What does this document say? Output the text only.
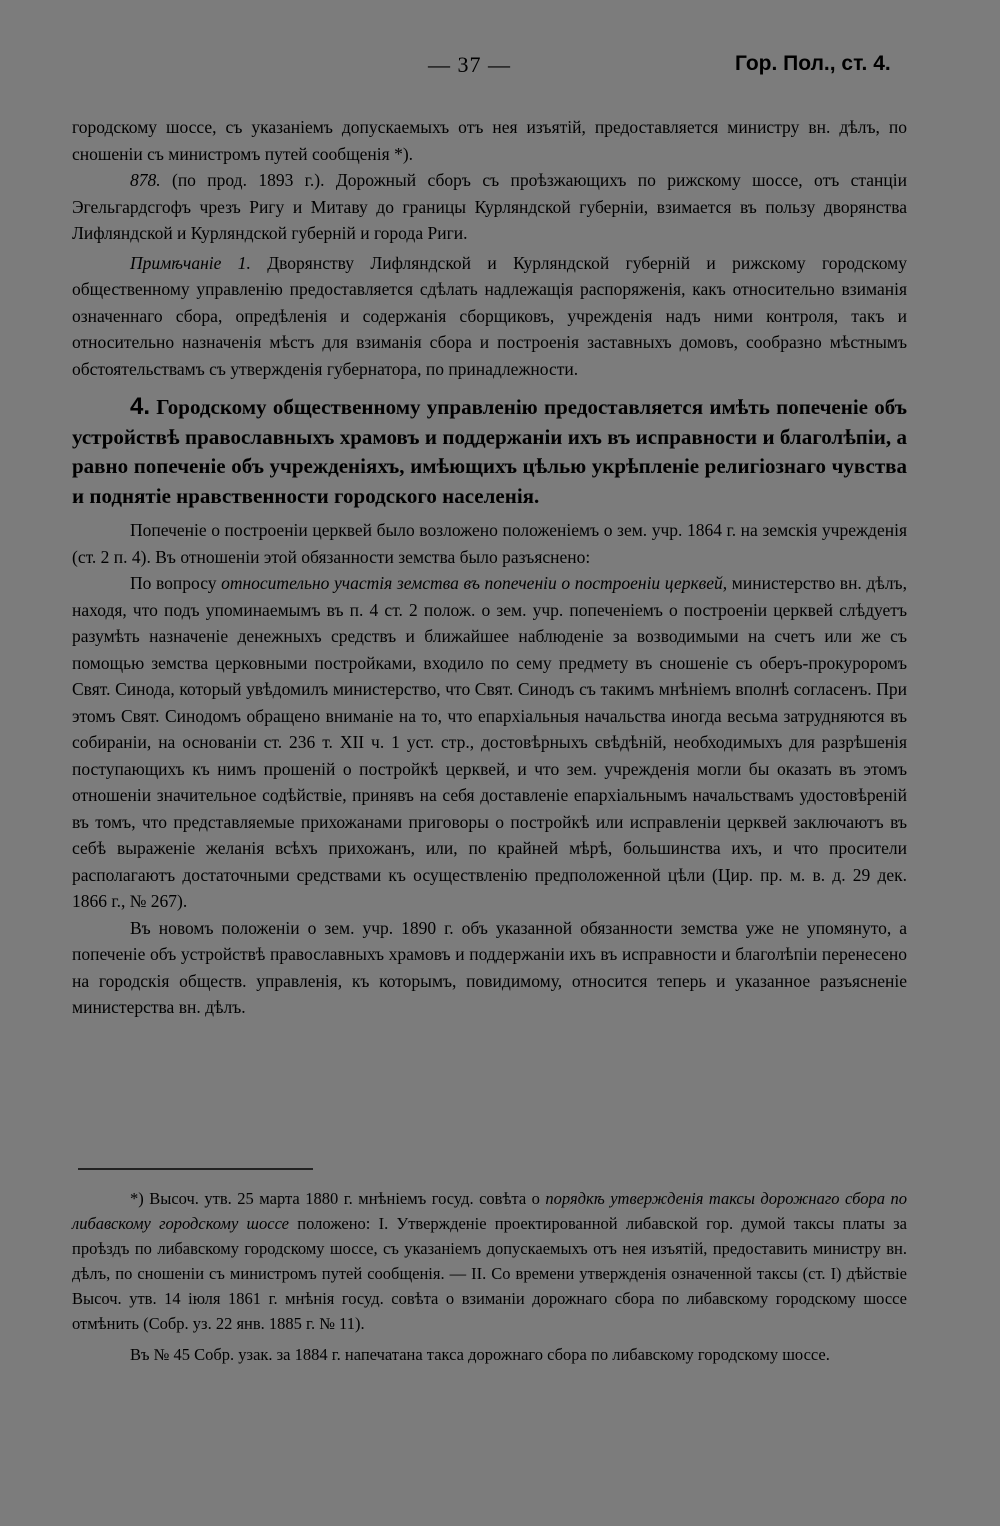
— 37 —	Гор. Пол., ст. 4.

городскому шоссе, съ указаніемъ допускаемыхъ отъ нея изъятій, предоставляется министру вн. дѣлъ, по сношеніи съ министромъ путей сообщенія *).

878. (по прод. 1893 г.). Дорожный сборъ съ проѣзжающихъ по рижскому шоссе, отъ станціи Эгельгардсгофъ чрезъ Ригу и Митаву до границы Курляндской губерніи, взимается въ пользу дворянства Лифляндской и Курляндской губерній и города Риги.

Примѣчаніе 1. Дворянству Лифляндской и Курляндской губерній и рижскому городскому общественному управленію предоставляется сдѣлать надлежащія распоряженія, какъ относительно взиманія означеннаго сбора, опредѣленія и содержанія сборщиковъ, учрежденія надъ ними контроля, такъ и относительно назначенія мѣстъ для взиманія сбора и построенія заставныхъ домовъ, сообразно мѣстнымъ обстоятельствамъ съ утвержденія губернатора, по принадлежности.

4. Городскому общественному управленію предоставляется имѣть попеченіе объ устройствѣ православныхъ храмовъ и поддержаніи ихъ въ исправности и благолѣпіи, а равно попеченіе объ учрежденіяхъ, имѣющихъ цѣлью укрѣпленіе религіознаго чувства и поднятіе нравственности городского населенія.

Попеченіе о построеніи церквей было возложено положеніемъ о зем. учр. 1864 г. на земскія учрежденія (ст. 2 п. 4). Въ отношеніи этой обязанности земства было разъяснено:

По вопросу относительно участія земства въ попеченіи о построеніи церквей, министерство вн. дѣлъ, находя, что подъ упоминаемымъ въ п. 4 ст. 2 полож. о зем. учр. попеченіемъ о построеніи церквей слѣдуетъ разумѣть назначеніе денежныхъ средствъ и ближайшее наблюденіе за возводимыми на счетъ или же съ помощью земства церковными постройками, входило по сему предмету въ сношеніе съ оберъ-прокуроромъ Свят. Синода, который увѣдомилъ министерство, что Свят. Синодъ съ такимъ мнѣніемъ вполнѣ согласенъ. При этомъ Свят. Синодомъ обращено вниманіе на то, что епархіальныя начальства иногда весьма затрудняются въ собираніи, на основаніи ст. 236 т. XII ч. 1 уст. стр., достовѣрныхъ свѣдѣній, необходимыхъ для разрѣшенія поступающихъ къ нимъ прошеній о постройкѣ церквей, и что зем. учрежденія могли бы оказать въ этомъ отношеніи значительное содѣйствіе, принявъ на себя доставленіе епархіальнымъ начальствамъ удостовѣреній въ томъ, что представляемые прихожанами приговоры о постройкѣ или исправленіи церквей заключаютъ въ себѣ выраженіе желанія всѣхъ прихожанъ, или, по крайней мѣрѣ, большинства ихъ, и что просители располагаютъ достаточными средствами къ осуществленію предположенной цѣли (Цир. пр. м. в. д. 29 дек. 1866 г., № 267).

Въ новомъ положеніи о зем. учр. 1890 г. объ указанной обязанности земства уже не упомянуто, а попеченіе объ устройствѣ православныхъ храмовъ и поддержаніи ихъ въ исправности и благолѣпіи перенесено на городскія обществ. управленія, къ которымъ, повидимому, относится теперь и указанное разъясненіе министерства вн. дѣлъ.

*) Высоч. утв. 25 марта 1880 г. мнѣніемъ госуд. совѣта о порядкѣ утвержденія таксы дорожнаго сбора по либавскому городскому шоссе положено: I. Утвержденіе проектированной либавской гор. думой таксы платы за проѣздъ по либавскому городскому шоссе, съ указаніемъ допускаемыхъ отъ нея изъятій, предоставить министру вн. дѣлъ, по сношеніи съ министромъ путей сообщенія. — II. Со времени утвержденія означенной таксы (ст. I) дѣйствіе Высоч. утв. 14 іюля 1861 г. мнѣнія госуд. совѣта о взиманіи дорожнаго сбора по либавскому городскому шоссе отмѣнить (Собр. уз. 22 янв. 1885 г. № 11).

Въ № 45 Собр. узак. за 1884 г. напечатана такса дорожнаго сбора по либавскому городскому шоссе.
